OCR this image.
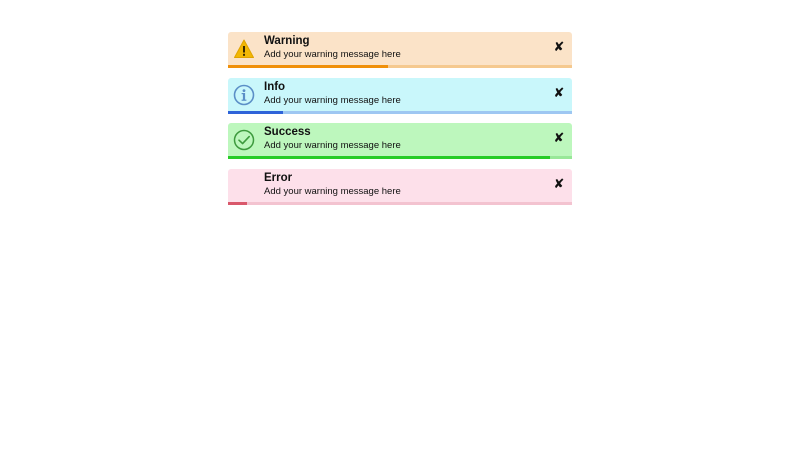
Warning
Add your warning message here
✘
Info
Add your warning message here
✘
Success
Add your warning message here
✘
Error
Add your warning message here
✘
